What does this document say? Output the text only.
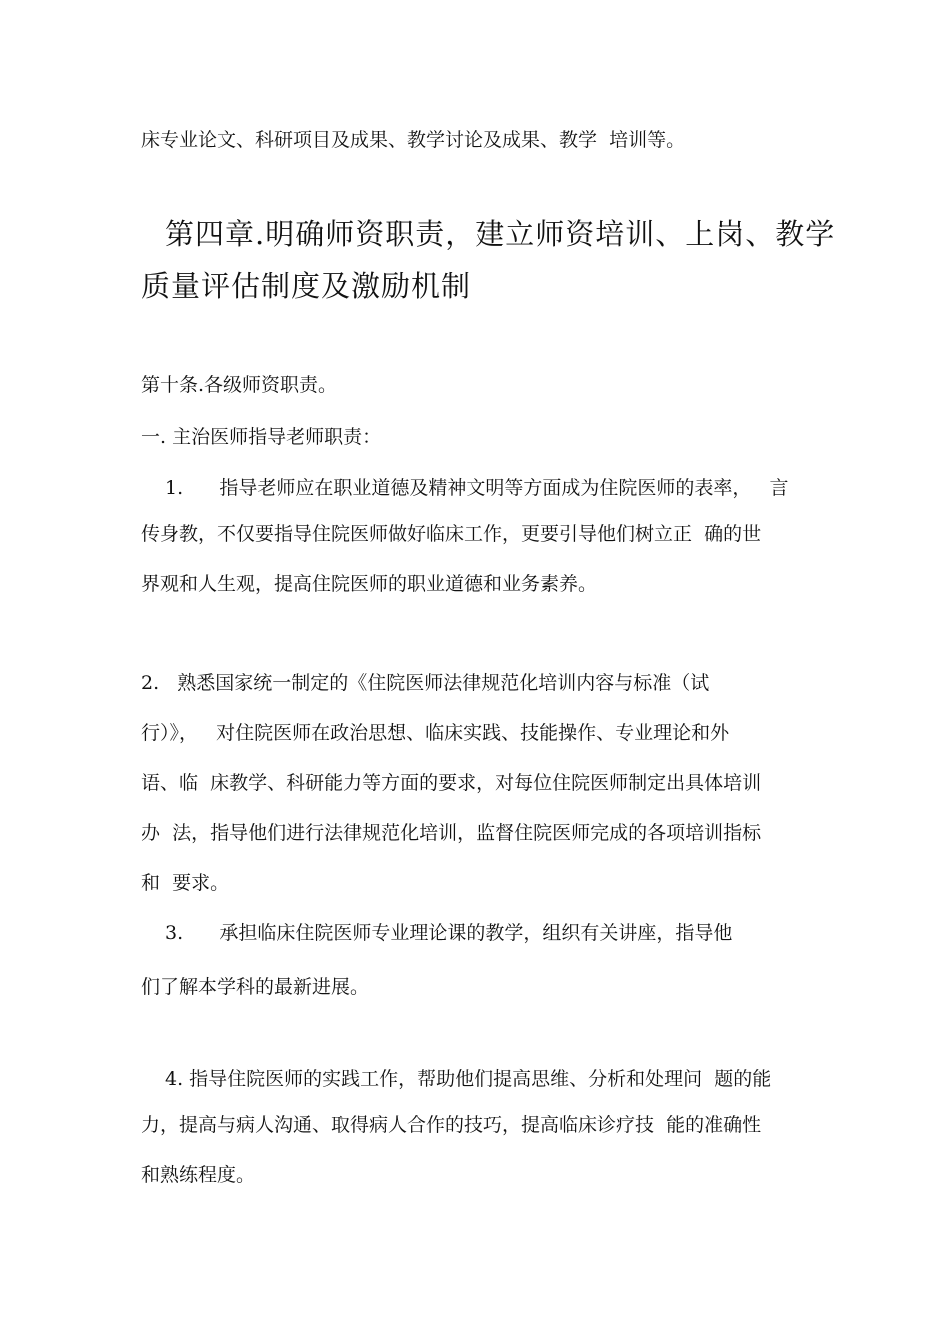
床专业论文、科研项目及成果、教学讨论及成果、教学  培训等。

第四章.明确师资职责，建立师资培训、上岗、教学

质量评估制度及激励机制

第十条.各级师资职责。

一. 主治医师指导老师职责：

1.      指导老师应在职业道德及精神文明等方面成为住院医师的表率，   言

传身教，不仅要指导住院医师做好临床工作，更要引导他们树立正  确的世

界观和人生观，提高住院医师的职业道德和业务素养。

2.   熟悉国家统一制定的《住院医师法律规范化培训内容与标准（试

行）》，   对住院医师在政治思想、临床实践、技能操作、专业理论和外

语、临  床教学、科研能力等方面的要求，对每位住院医师制定出具体培训

办  法，指导他们进行法律规范化培训，监督住院医师完成的各项培训指标

和  要求。

3.      承担临床住院医师专业理论课的教学，组织有关讲座，指导他

们了解本学科的最新进展。

4. 指导住院医师的实践工作，帮助他们提高思维、分析和处理问  题的能

力，提高与病人沟通、取得病人合作的技巧，提高临床诊疗技  能的准确性

和熟练程度。
